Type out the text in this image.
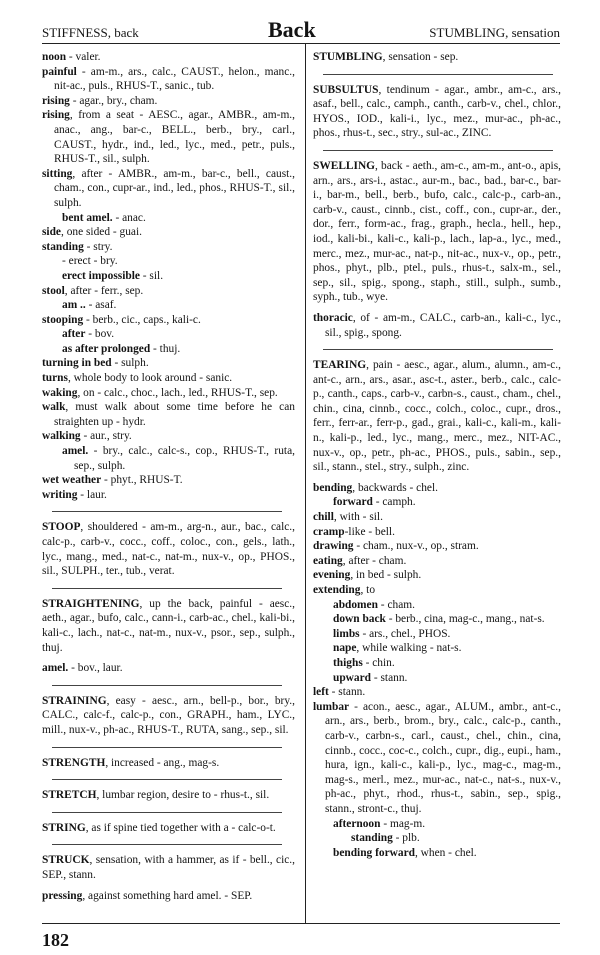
STIFFNESS, back	Back	STUMBLING, sensation
noon - valer.
painful - am-m., ars., calc., CAUST., helon., manc., nit-ac., puls., RHUS-T., sanic., tub.
rising - agar., bry., cham.
rising, from a seat - AESC., agar., AMBR., am-m., anac., ang., bar-c., BELL., berb., bry., carl., CAUST., hydr., ind., led., lyc., med., petr., puls., RHUS-T., sil., sulph.
sitting, after - AMBR., am-m., bar-c., bell., caust., cham., con., cupr-ar., ind., led., phos., RHUS-T., sil., sulph.
bent amel. - anac.
side, one sided - guai.
standing - stry.
- erect - bry.
erect impossible - sil.
stool, after - ferr., sep.
am .. - asaf.
stooping - berb., cic., caps., kali-c.
after - bov.
as after prolonged - thuj.
turning in bed - sulph.
turns, whole body to look around - sanic.
waking, on - calc., choc., lach., led., RHUS-T., sep.
walk, must walk about some time before he can straighten up - hydr.
walking - aur., stry.
amel. - bry., calc., calc-s., cop., RHUS-T., ruta, sep., sulph.
wet weather - phyt., RHUS-T.
writing - laur.
STOOP, shouldered - am-m., arg-n., aur., bac., calc., calc-p., carb-v., cocc., coff., coloc., con., gels., lath., lyc., mang., med., nat-c., nat-m., nux-v., op., PHOS., sil., SULPH., ter., tub., verat.
STRAIGHTENING, up the back, painful - aesc., aeth., agar., bufo, calc., cann-i., carb-ac., chel., kali-bi., kali-c., lach., nat-c., nat-m., nux-v., psor., sep., sulph., thuj.
amel. - bov., laur.
STRAINING, easy - aesc., arn., bell-p., bor., bry., CALC., calc-f., calc-p., con., GRAPH., ham., LYC., mill., nux-v., ph-ac., RHUS-T., RUTA, sang., sep., sil.
STRENGTH, increased - ang., mag-s.
STRETCH, lumbar region, desire to - rhus-t., sil.
STRING, as if spine tied together with a - calc-o-t.
STRUCK, sensation, with a hammer, as if - bell., cic., SEP., stann.
pressing, against something hard amel. - SEP.
STUMBLING, sensation - sep.
SUBSULTUS, tendinum - agar., ambr., am-c., ars., asaf., bell., calc., camph., canth., carb-v., chel., chlor., HYOS., IOD., kali-i., lyc., mez., mur-ac., ph-ac., phos., rhus-t., sec., stry., sul-ac., ZINC.
SWELLING, back - aeth., am-c., am-m., ant-o., apis, arn., ars., ars-i., astac., aur-m., bac., bad., bar-c., bar-i., bar-m., bell., berb., bufo, calc., calc-p., carb-an., carb-v., caust., cinnb., cist., coff., con., cupr-ar., der., dor., ferr., form-ac., frag., graph., hecla., hell., hep., iod., kali-bi., kali-c., kali-p., lach., lap-a., lyc., med., merc., mez., mur-ac., nat-p., nit-ac., nux-v., op., petr., phos., phyt., plb., ptel., puls., rhus-t., salx-m., sel., sep., sil., spig., spong., staph., still., sulph., sumb., syph., tub., wye.
thoracic, of - am-m., CALC., carb-an., kali-c., lyc., sil., spig., spong.
TEARING, pain - aesc., agar., alum., alumn., am-c., ant-c., arn., ars., asar., asc-t., aster., berb., calc., calc-p., canth., caps., carb-v., carbn-s., caust., cham., chel., chin., cina, cinnb., cocc., colch., coloc., cupr., dros., ferr., ferr-ar., ferr-p., gad., grai., kali-c., kali-m., kali-n., kali-p., led., lyc., mang., merc., mez., NIT-AC., nux-v., op., petr., ph-ac., PHOS., puls., sabin., sep., sil., stann., stel., stry., sulph., zinc.
bending, backwards - chel.
forward - camph.
chill, with - sil.
cramp-like - bell.
drawing - cham., nux-v., op., stram.
eating, after - cham.
evening, in bed - sulph.
extending, to
abdomen - cham.
down back - berb., cina, mag-c., mang., nat-s.
limbs - ars., chel., PHOS.
nape, while walking - nat-s.
thighs - chin.
upward - stann.
left - stann.
lumbar - acon., aesc., agar., ALUM., ambr., ant-c., arn., ars., berb., brom., bry., calc., calc-p., canth., carb-v., carbn-s., carl., caust., chel., chin., cina, cinnb., cocc., coc-c., colch., cupr., dig., eupi., ham., hura, ign., kali-c., kali-p., lyc., mag-c., mag-m., mag-s., merl., mez., mur-ac., nat-c., nat-s., nux-v., ph-ac., phyt., rhod., rhus-t., sabin., sep., spig., stann., stront-c., thuj.
afternoon - mag-m.
standing - plb.
bending forward, when - chel.
182
